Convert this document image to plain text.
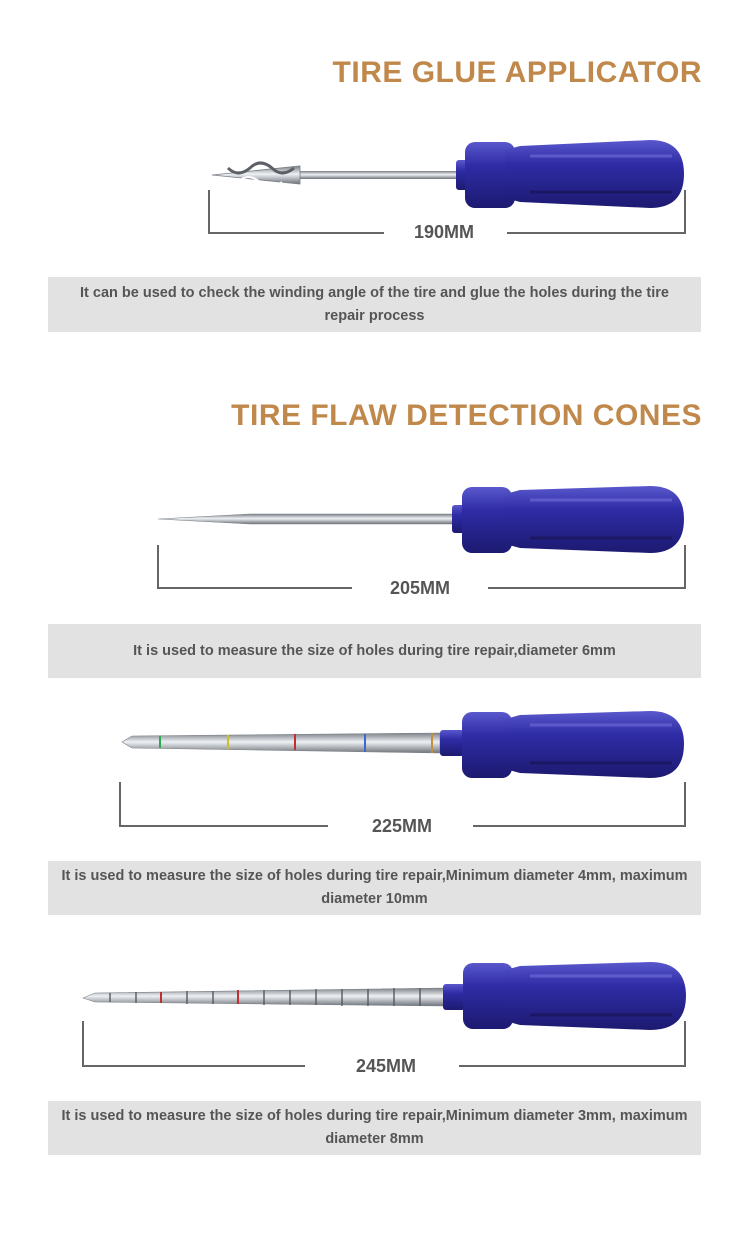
TIRE GLUE APPLICATOR
190MM
It can be used to check the winding angle of the tire and glue the holes during the tire repair process
TIRE FLAW DETECTION CONES
205MM
It is used to measure the size of holes during tire repair,diameter 6mm
225MM
It is used to measure the size of holes during tire repair,Minimum diameter 4mm, maximum diameter 10mm
245MM
It is used to measure the size of holes during tire repair,Minimum diameter 3mm, maximum diameter 8mm
